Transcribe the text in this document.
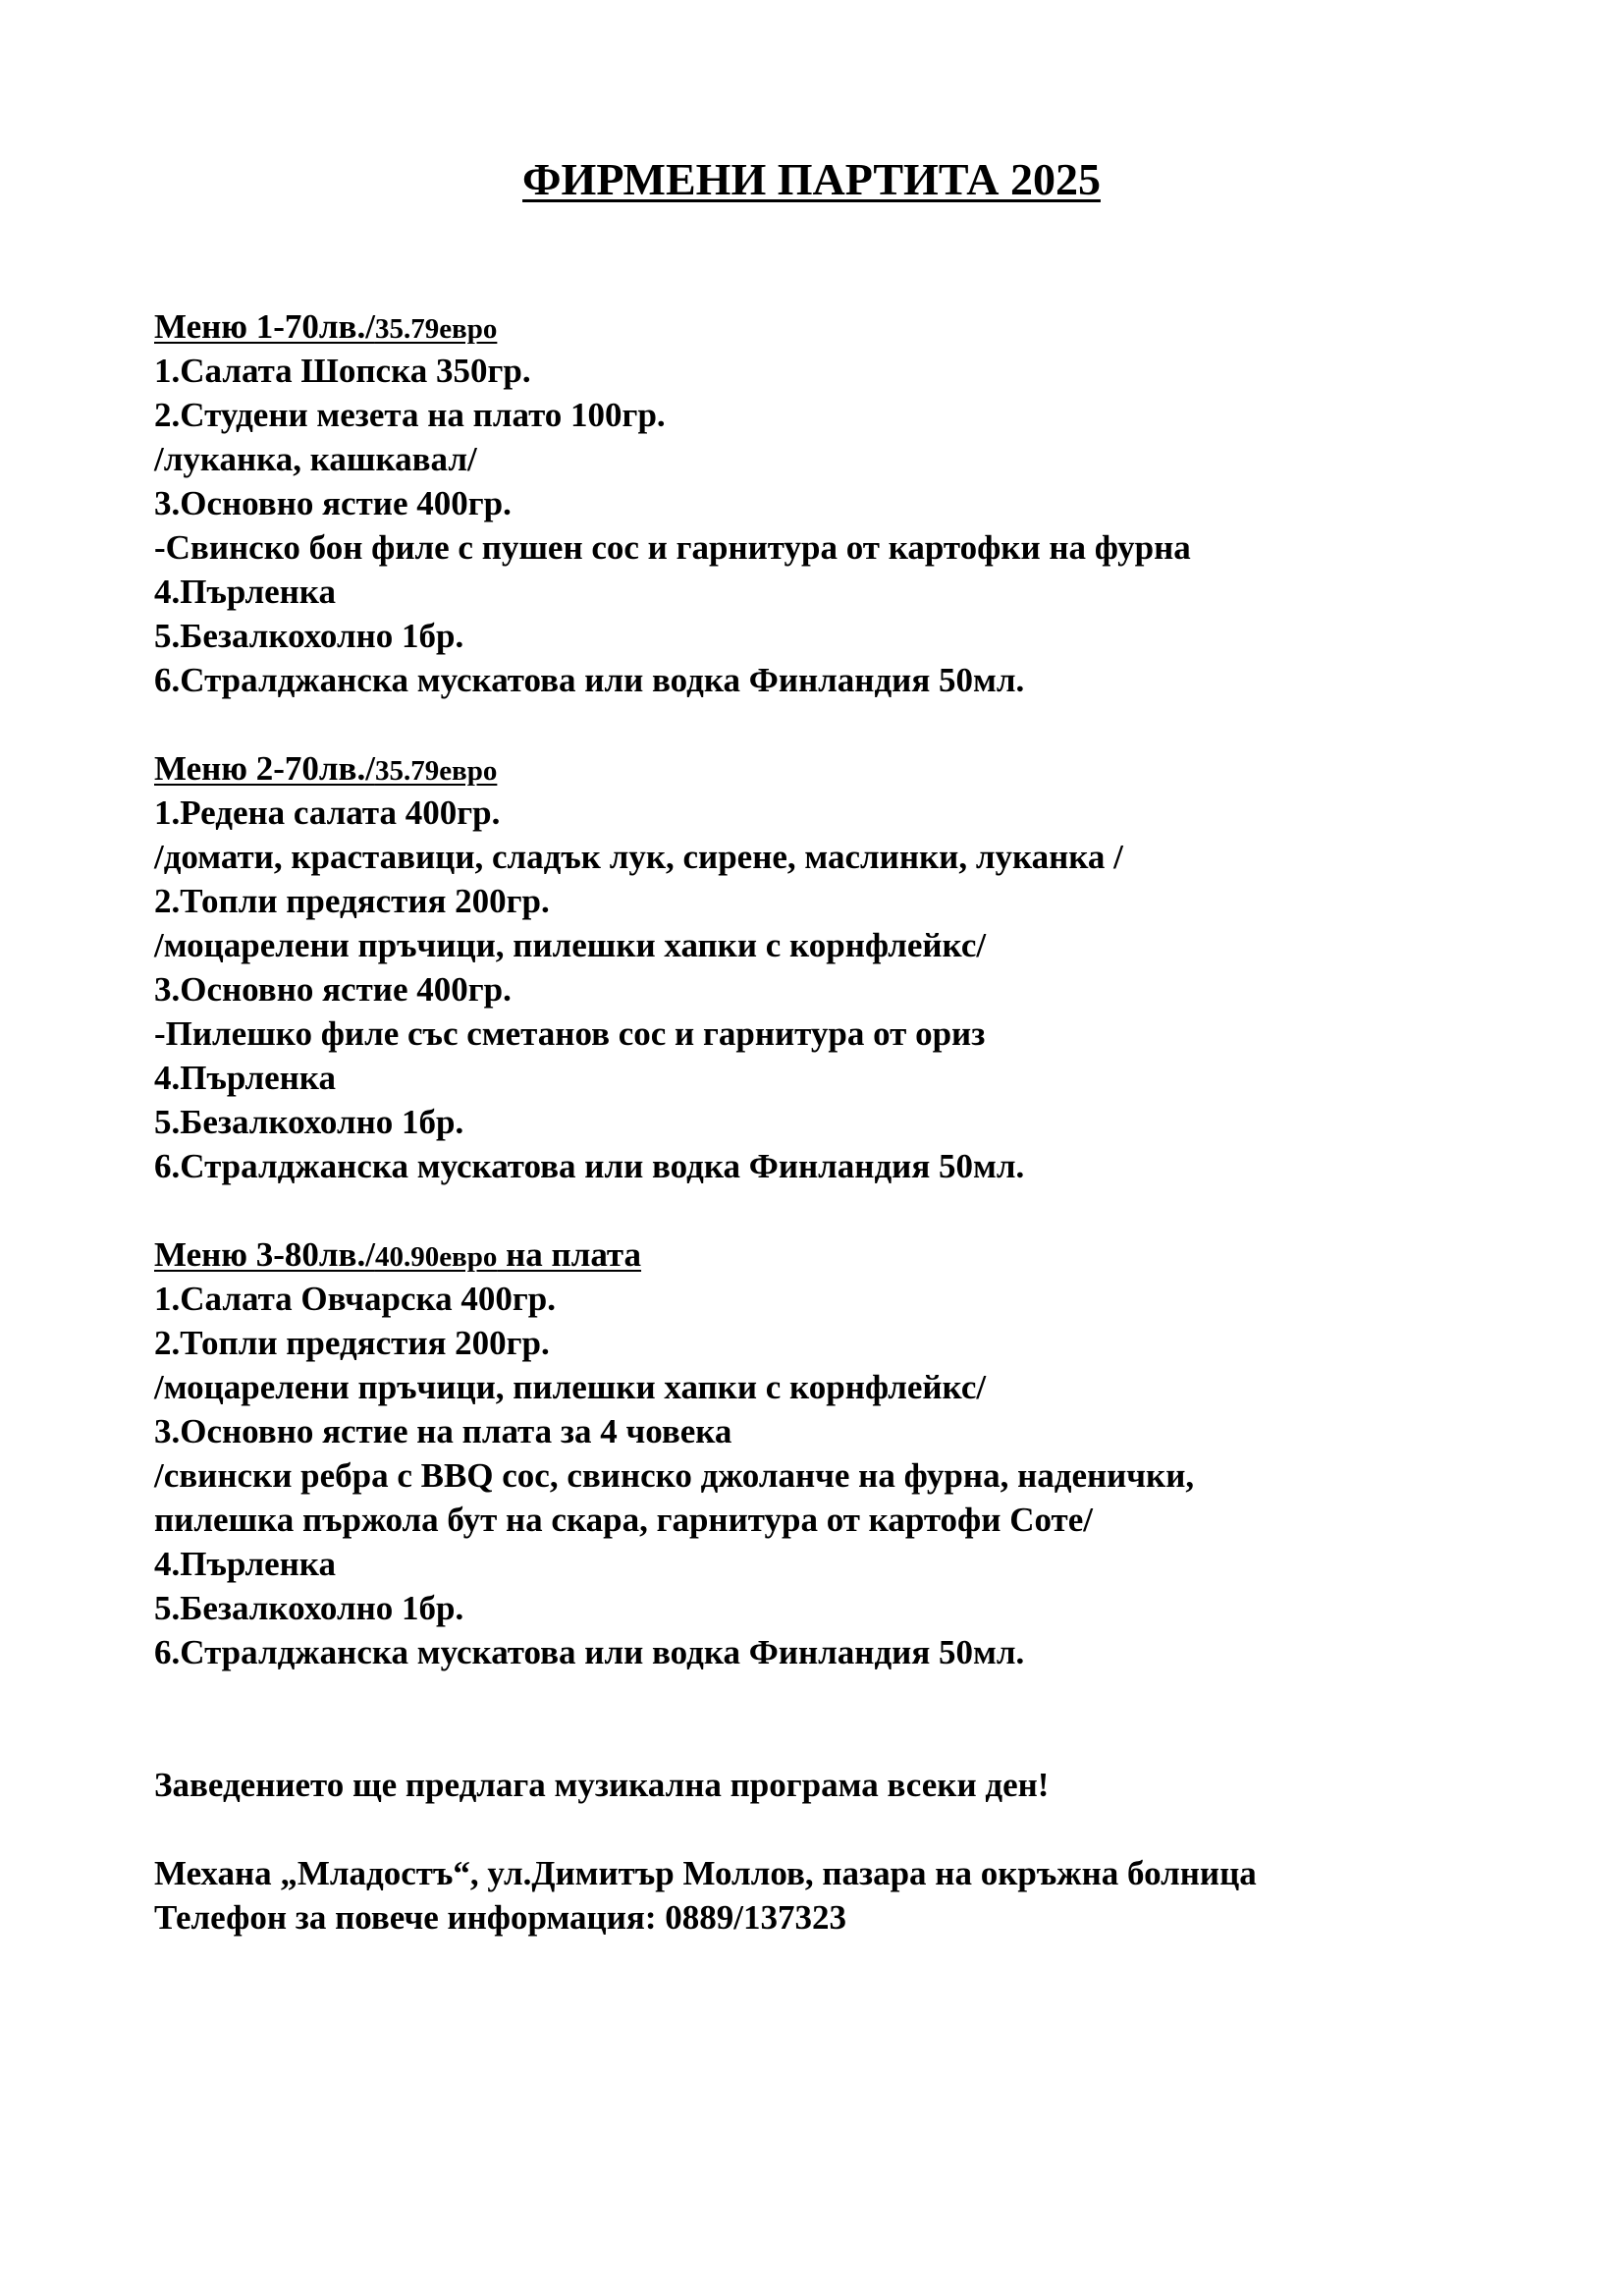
ФИРМЕНИ ПАРТИТА 2025
Меню 1-70лв./35.79евро
1.Салата Шопска 350гр.
2.Студени мезета на плато 100гр.
/луканка, кашкавал/
3.Основно ястие 400гр.
-Свинско бон филе с пушен сос и гарнитура от картофки на фурна
4.Пърленка
5.Безалкохолно 1бр.
6.Стралджанска мускатова или водка Финландия 50мл.
Меню 2-70лв./35.79евро
1.Редена салата 400гр.
/домати, краставици, сладък лук, сирене, маслинки, луканка /
2.Топли предястия 200гр.
/моцарелени пръчици, пилешки хапки с корнфлейкс/
3.Основно ястие 400гр.
-Пилешко филе със сметанов сос и гарнитура от ориз
4.Пърленка
5.Безалкохолно 1бр.
6.Стралджанска мускатова или водка Финландия 50мл.
Меню 3-80лв./40.90евро на плата
1.Салата Овчарска 400гр.
2.Топли предястия 200гр.
/моцарелени пръчици, пилешки хапки с корнфлейкс/
3.Основно ястие на плата за 4 човека
/свински ребра с BBQ сос, свинско джоланче на фурна, наденички,
пилешка пържола бут на скара, гарнитура от картофи Соте/
4.Пърленка
5.Безалкохолно 1бр.
6.Стралджанска мускатова или водка Финландия 50мл.
Заведението ще предлага музикална програма всеки ден!
Механа „Младостъ“, ул.Димитър Моллов, пазара на окръжна болница
Телефон за повече информация: 0889/137323
